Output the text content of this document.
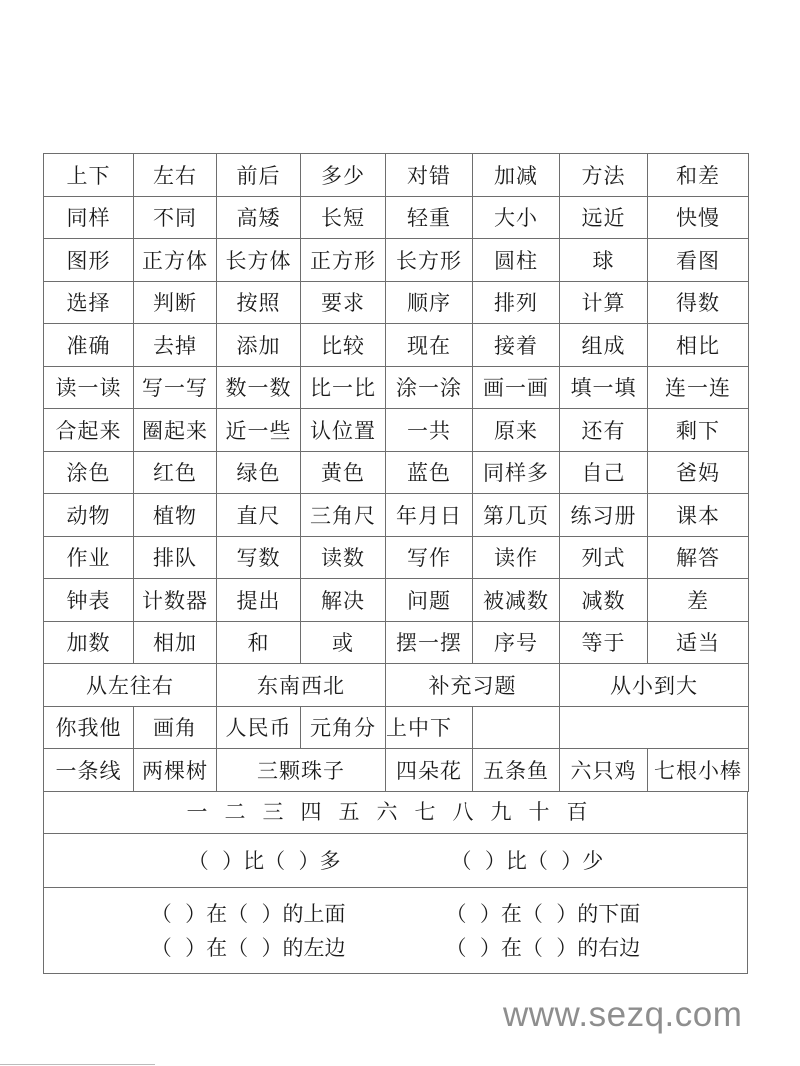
上下	左右	前后	多少	对错	加减	方法	和差
同样	不同	高矮	长短	轻重	大小	远近	快慢
图形	正方体	长方体	正方形	长方形	圆柱	球	看图
选择	判断	按照	要求	顺序	排列	计算	得数
准确	去掉	添加	比较	现在	接着	组成	相比
读一读	写一写	数一数	比一比	涂一涂	画一画	填一填	连一连
合起来	圈起来	近一些	认位置	一共	原来	还有	剩下
涂色	红色	绿色	黄色	蓝色	同样多	自己	爸妈
动物	植物	直尺	三角尺	年月日	第几页	练习册	课本
作业	排队	写数	读数	写作	读作	列式	解答
钟表	计数器	提出	解决	问题	被减数	减数	差
加数	相加	和	或	摆一摆	序号	等于	适当
从左往右		东南西北		补充习题		从小到大	
你我他	画角	人民币	元角分	上中下			
一条线	两棵树	三颗珠子		四朵花	五条鱼	六只鸡	七根小棒
一二三四五六七八九十百
（  ）比（  ）多	（  ）比（  ）少
（  ）在（  ）的上面	（  ）在（  ）的下面
（  ）在（  ）的左边	（  ）在（  ）的右边
www.sezq.com
